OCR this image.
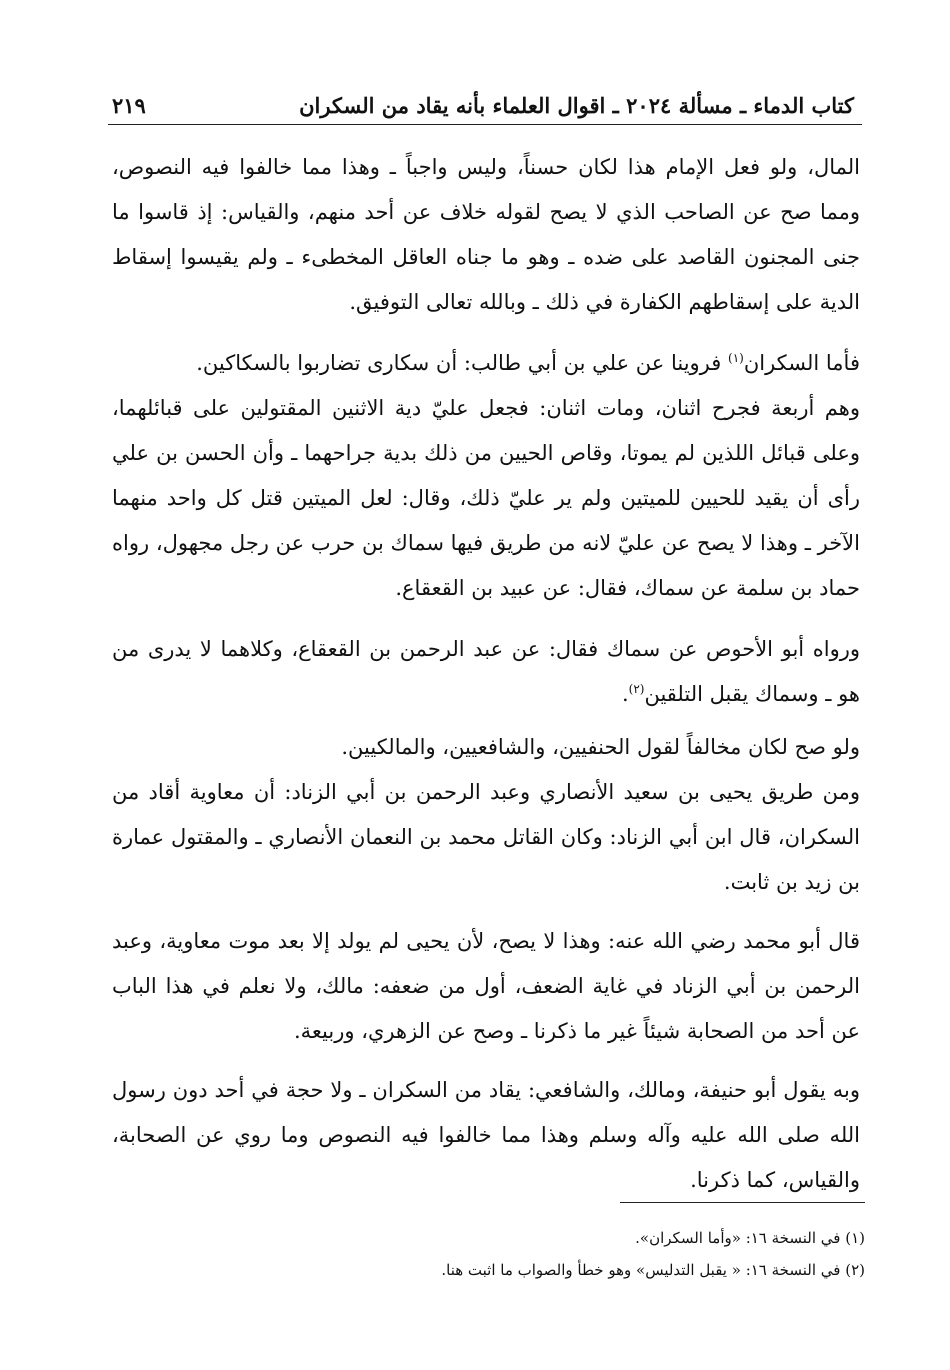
كتاب الدماء ـ مسألة ٢٠٢٤ ـ اقوال العلماء بأنه يقاد من السكران
٢١٩

المال، ولو فعل الإمام هذا لكان حسناً، وليس واجباً ـ وهذا مما خالفوا فيه النصوص، ومما صح عن الصاحب الذي لا يصح لقوله خلاف عن أحد منهم، والقياس: إذ قاسوا ما جنى المجنون القاصد على ضده ـ وهو ما جناه العاقل المخطىء ـ ولم يقيسوا إسقاط الدية على إسقاطهم الكفارة في ذلك ـ وبالله تعالى التوفيق.

فأما السكران$^{(١)}$ فروينا عن علي بن أبي طالب: أن سكارى تضاربوا بالسكاكين.

وهم أربعة فجرح اثنان، ومات اثنان: فجعل عليّ دية الاثنين المقتولين على قبائلهما، وعلى قبائل اللذين لم يموتا، وقاص الحيين من ذلك بدية جراحهما ـ وأن الحسن بن علي رأى أن يقيد للحيين للميتين ولم ير عليّ ذلك، وقال: لعل الميتين قتل كل واحد منهما الآخر ـ وهذا لا يصح عن عليّ لانه من طريق فيها سماك بن حرب عن رجل مجهول، رواه حماد بن سلمة عن سماك، فقال: عن عبيد بن القعقاع.

ورواه أبو الأحوص عن سماك فقال: عن عبد الرحمن بن القعقاع، وكلاهما لا يدرى من هو ـ وسماك يقبل التلقين$^{(٢)}$.

ولو صح لكان مخالفاً لقول الحنفيين، والشافعيين، والمالكيين.

ومن طريق يحيى بن سعيد الأنصاري وعبد الرحمن بن أبي الزناد: أن معاوية أقاد من السكران، قال ابن أبي الزناد: وكان القاتل محمد بن النعمان الأنصاري ـ والمقتول عمارة بن زيد بن ثابت.

قال أبو محمد رضي الله عنه: وهذا لا يصح، لأن يحيى لم يولد إلا بعد موت معاوية، وعبد الرحمن بن أبي الزناد في غاية الضعف، أول من ضعفه: مالك، ولا نعلم في هذا الباب عن أحد من الصحابة شيئاً غير ما ذكرنا ـ وصح عن الزهري، وربيعة.

وبه يقول أبو حنيفة، ومالك، والشافعي: يقاد من السكران ـ ولا حجة في أحد دون رسول الله صلى الله عليه وآله وسلم وهذا مما خالفوا فيه النصوص وما روي عن الصحابة، والقياس، كما ذكرنا.

(١) في النسخة ١٦: «وأما السكران».

(٢) في النسخة ١٦: « يقبل التدليس» وهو خطأ والصواب ما اثبت هنا.
